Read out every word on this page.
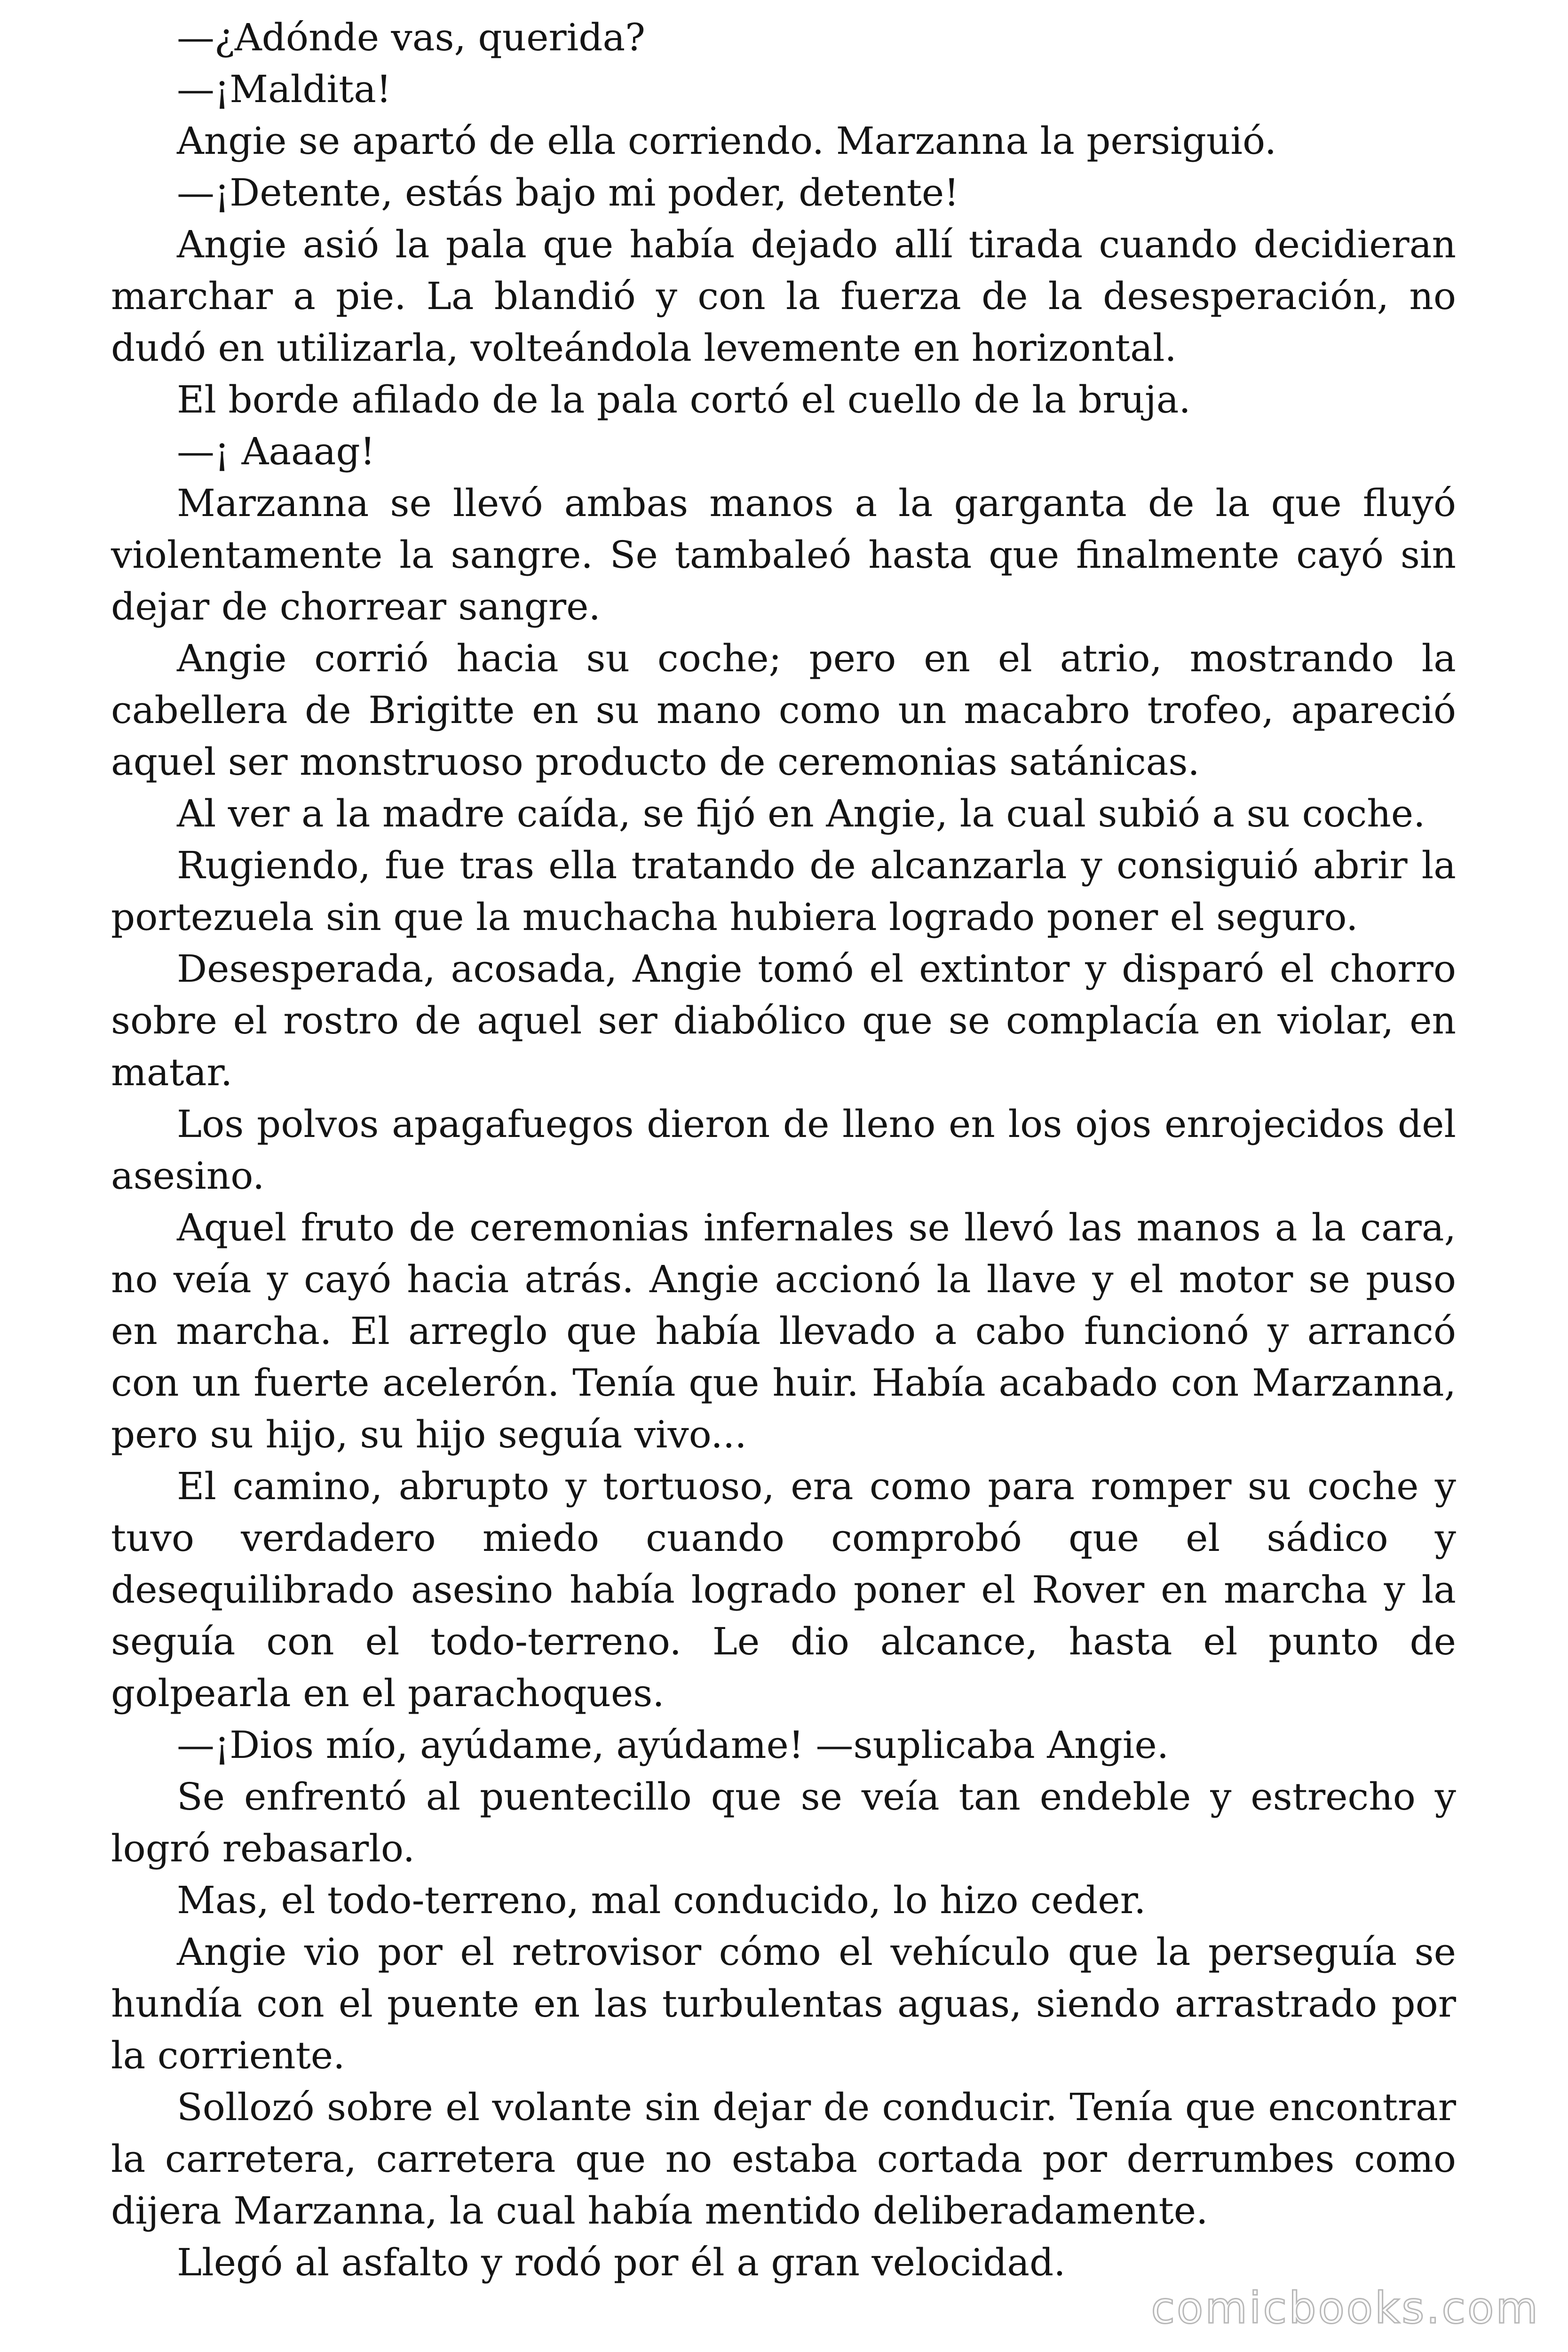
—¿Adónde vas, querida?

—¡Maldita!

Angie se apartó de ella corriendo. Marzanna la persiguió.

—¡Detente, estás bajo mi poder, detente!

Angie asió la pala que había dejado allí tirada cuando decidieran marchar a pie. La blandió y con la fuerza de la desesperación, no dudó en utilizarla, volteándola levemente en horizontal.

El borde afilado de la pala cortó el cuello de la bruja.

—¡ Aaaag!

Marzanna se llevó ambas manos a la garganta de la que fluyó violentamente la sangre. Se tambaleó hasta que finalmente cayó sin dejar de chorrear sangre.

Angie corrió hacia su coche; pero en el atrio, mostrando la cabellera de Brigitte en su mano como un macabro trofeo, apareció aquel ser monstruoso producto de ceremonias satánicas.

Al ver a la madre caída, se fijó en Angie, la cual subió a su coche.

Rugiendo, fue tras ella tratando de alcanzarla y consiguió abrir la portezuela sin que la muchacha hubiera logrado poner el seguro.

Desesperada, acosada, Angie tomó el extintor y disparó el chorro sobre el rostro de aquel ser diabólico que se complacía en violar, en matar.

Los polvos apagafuegos dieron de lleno en los ojos enrojecidos del asesino.

Aquel fruto de ceremonias infernales se llevó las manos a la cara, no veía y cayó hacia atrás. Angie accionó la llave y el motor se puso en marcha. El arreglo que había llevado a cabo funcionó y arrancó con un fuerte acelerón. Tenía que huir. Había acabado con Marzanna, pero su hijo, su hijo seguía vivo...

El camino, abrupto y tortuoso, era como para romper su coche y tuvo verdadero miedo cuando comprobó que el sádico y desequilibrado asesino había logrado poner el Rover en marcha y la seguía con el todo-terreno. Le dio alcance, hasta el punto de golpearla en el parachoques.

—¡Dios mío, ayúdame, ayúdame! —suplicaba Angie.

Se enfrentó al puentecillo que se veía tan endeble y estrecho y logró rebasarlo.

Mas, el todo-terreno, mal conducido, lo hizo ceder.

Angie vio por el retrovisor cómo el vehículo que la perseguía se hundía con el puente en las turbulentas aguas, siendo arrastrado por la corriente.

Sollozó sobre el volante sin dejar de conducir. Tenía que encontrar la carretera, carretera que no estaba cortada por derrumbes como dijera Marzanna, la cual había mentido deliberadamente.

Llegó al asfalto y rodó por él a gran velocidad.

comicbooks.com
